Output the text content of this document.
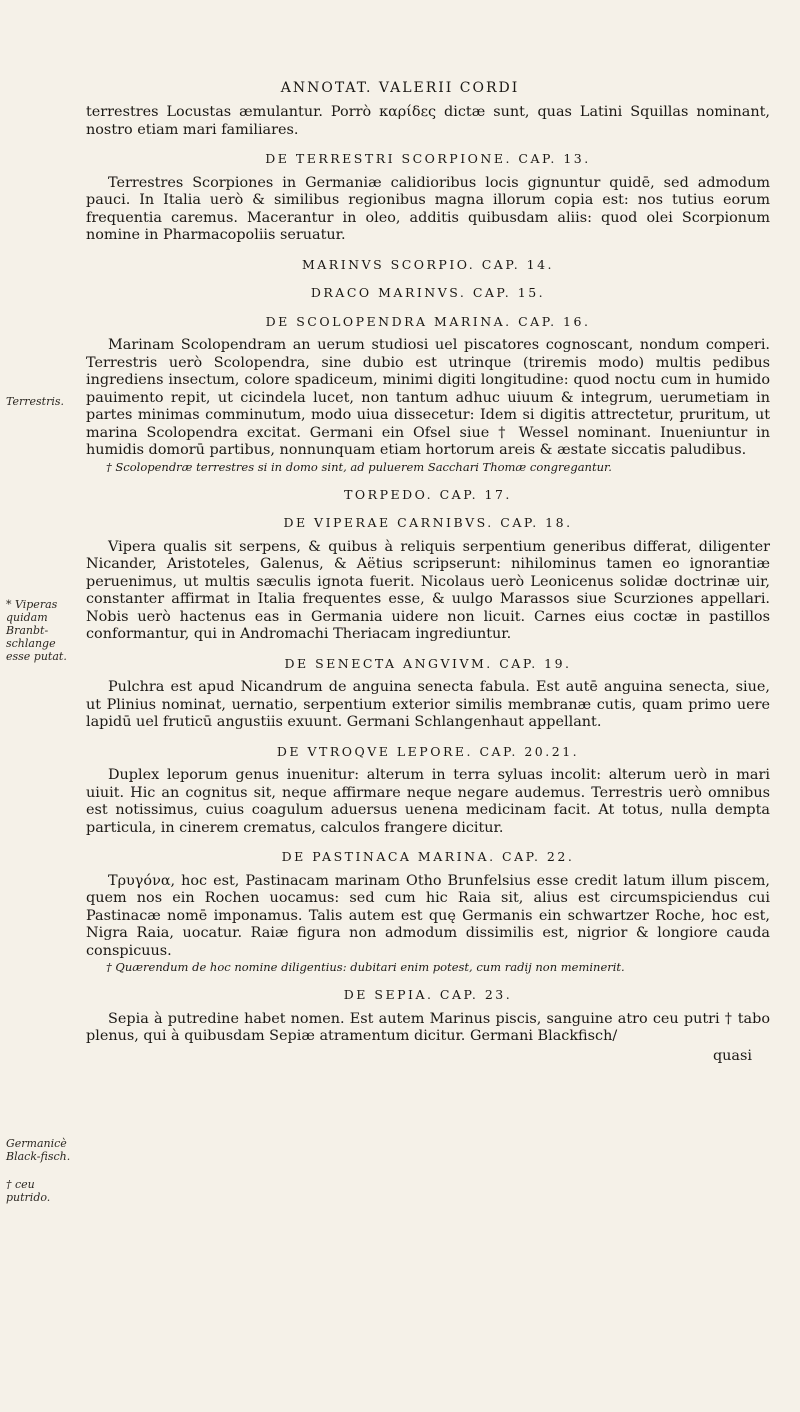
ANNOTAT. VALERII CORDI

terrestres Locustas æmulantur. Porrò καρίδες dictæ sunt, quas Latini Squillas nominant, nostro etiam mari familiares.

DE TERRESTRI SCORPIONE. CAP. 13.

Terrestres Scorpiones in Germaniæ calidioribus locis gignuntur quidē, sed admodum pauci. In Italia uerò & similibus regionibus magna illorum copia est: nos tutius eorum frequentia caremus. Macerantur in oleo, additis quibusdam aliis: quod olei Scorpionum nomine in Pharmacopoliis seruatur.

MARINVS SCORPIO. CAP. 14.
DRACO MARINVS. CAP. 15.
DE SCOLOPENDRA MARINA. CAP. 16.

Marinam Scolopendram an uerum studiosi uel piscatores cognoscant, nondum comperi. Terrestris uerò Scolopendra, sine dubio est utrinque (triremis modo) multis pedibus ingrediens insectum, colore spadiceum, minimi digiti longitudine: quod noctu cum in humido pauimento repit, ut cicindela lucet, non tantum adhuc uiuum & integrum, uerumetiam in partes minimas comminutum, modo uiua dissecetur: Idem si digitis attrectetur, pruritum, ut marina Scolopendra excitat. Germani ein Ofsel siue † Wessel nominant. Inueniuntur in humidis domorū partibus, nonnunquam etiam hortorum areis & æstate siccatis paludibus.

† Scolopendræ terrestres si in domo sint, ad puluerem Sacchari Thomæ congregantur.

TORPEDO. CAP. 17.
DE VIPERAE CARNIBVS. CAP. 18.

Vipera qualis sit serpens, & quibus à reliquis serpentium generibus differat, diligenter Nicander, Aristoteles, Galenus, & Aëtius scripserunt: nihilominus tamen eo ignorantiæ peruenimus, ut multis sæculis ignota fuerit. Nicolaus uerò Leonicenus solidæ doctrinæ uir, constanter affirmat in Italia frequentes esse, & uulgo Marassos siue Scurziones appellari. Nobis uerò hactenus eas in Germania uidere non licuit. Carnes eius coctæ in pastillos conformantur, qui in Andromachi Theriacam ingrediuntur.

DE SENECTA ANGVIVM. CAP. 19.

Pulchra est apud Nicandrum de anguina senecta fabula. Est autē anguina senecta, siue, ut Plinius nominat, uernatio, serpentium exterior similis membranæ cutis, quam primo uere lapidū uel fruticū angustiis exuunt. Germani Schlangenhaut appellant.

DE VTROQVE LEPORE. CAP. 20.21.

Duplex leporum genus inuenitur: alterum in terra syluas incolit: alterum uerò in mari uiuit. Hic an cognitus sit, neque affirmare neque negare audemus. Terrestris uerò omnibus est notissimus, cuius coagulum aduersus uenena medicinam facit. At totus, nulla dempta particula, in cinerem crematus, calculos frangere dicitur.

DE PASTINACA MARINA. CAP. 22.

Τρυγόνα, hoc est, Pastinacam marinam Otho Brunfelsius esse credit latum illum piscem, quem nos ein Rochen uocamus: sed cum hic Raia sit, alius est circumspiciendus cui Pastinacæ nomē imponamus. Talis autem est quę Germanis ein schwartzer Roche, hoc est, Nigra Raia, uocatur. Raiæ figura non admodum dissimilis est, nigrior & longiore cauda conspicuus.

† Quærendum de hoc nomine diligentius: dubitari enim potest, cum radij non meminerit.

DE SEPIA. CAP. 23.

Sepia à putredine habet nomen. Est autem Marinus piscis, sanguine atro ceu putri † tabo plenus, qui à quibusdam Sepiæ atramentum dicitur. Germani Blackfisch/

quasi
Terrestris.
* Viperas quidam Branbt-schlange esse putat.
Germanicè Black-fisch.
† ceu putrido.
